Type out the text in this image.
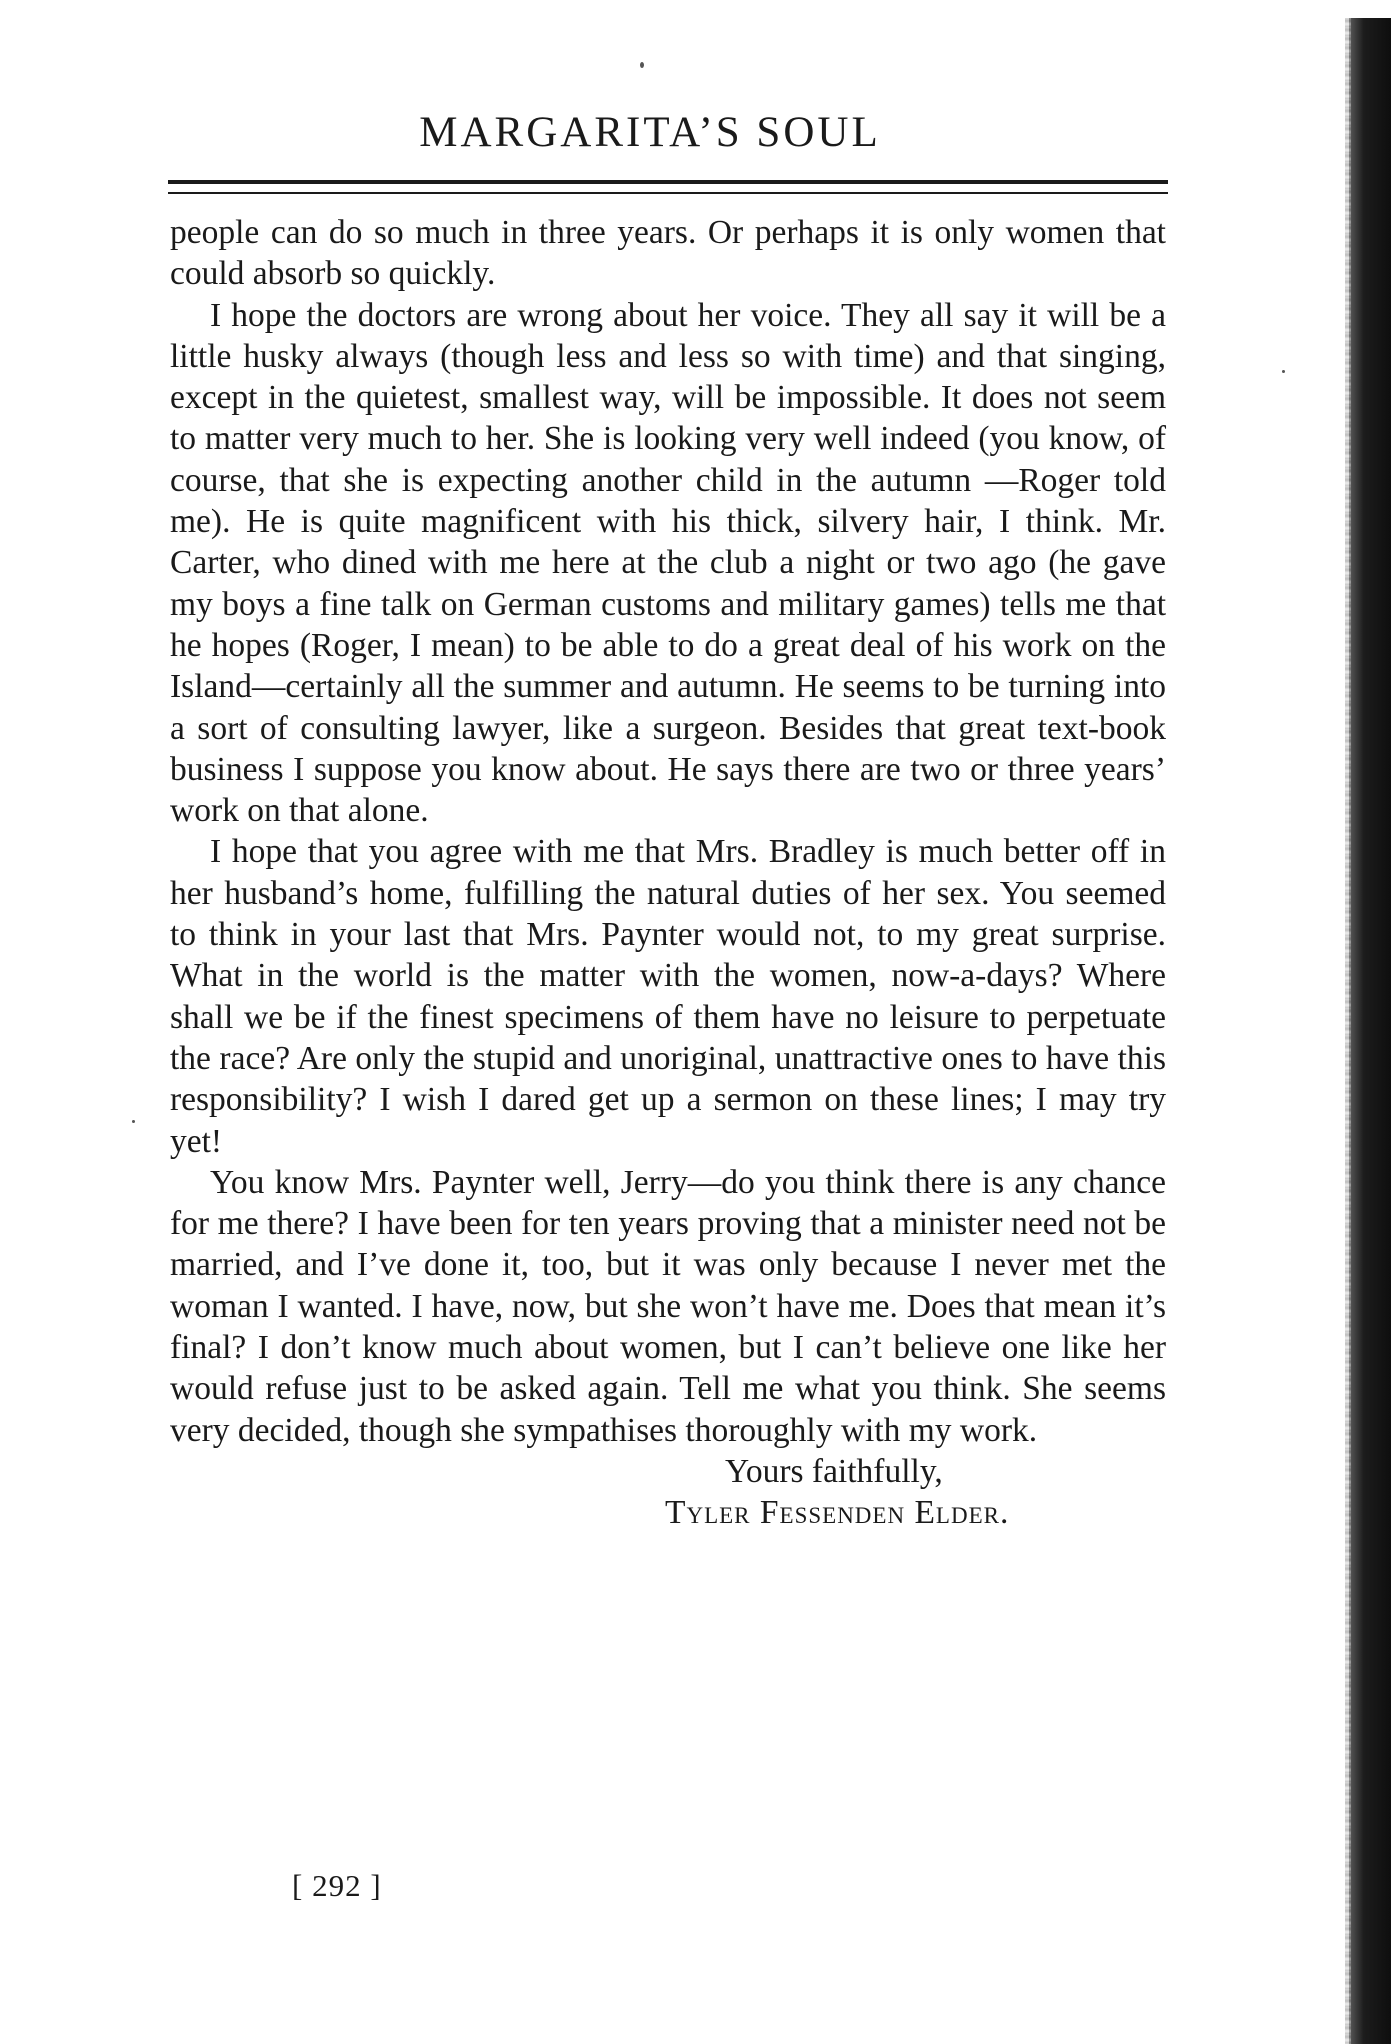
MARGARITA’S SOUL

people can do so much in three years. Or perhaps it is only women that could absorb so quickly.

I hope the doctors are wrong about her voice. They all say it will be a little husky always (though less and less so with time) and that singing, except in the quietest, smallest way, will be impossible. It does not seem to matter very much to her. She is looking very well indeed (you know, of course, that she is expecting another child in the autumn —Roger told me). He is quite magnificent with his thick, silvery hair, I think. Mr. Carter, who dined with me here at the club a night or two ago (he gave my boys a fine talk on German customs and military games) tells me that he hopes (Roger, I mean) to be able to do a great deal of his work on the Island—certainly all the summer and autumn. He seems to be turning into a sort of consulting lawyer, like a surgeon. Besides that great text-book business I suppose you know about. He says there are two or three years’ work on that alone.

I hope that you agree with me that Mrs. Bradley is much better off in her husband’s home, fulfilling the natural duties of her sex. You seemed to think in your last that Mrs. Paynter would not, to my great surprise. What in the world is the matter with the women, now-a-days? Where shall we be if the finest specimens of them have no leisure to perpetuate the race? Are only the stupid and unoriginal, unattractive ones to have this responsibility? I wish I dared get up a sermon on these lines; I may try yet!

You know Mrs. Paynter well, Jerry—do you think there is any chance for me there? I have been for ten years proving that a minister need not be married, and I’ve done it, too, but it was only because I never met the woman I wanted. I have, now, but she won’t have me. Does that mean it’s final? I don’t know much about women, but I can’t believe one like her would refuse just to be asked again. Tell me what you think. She seems very decided, though she sympathises thoroughly with my work.

Yours faithfully,

Tyler Fessenden Elder.

[ 292 ]
